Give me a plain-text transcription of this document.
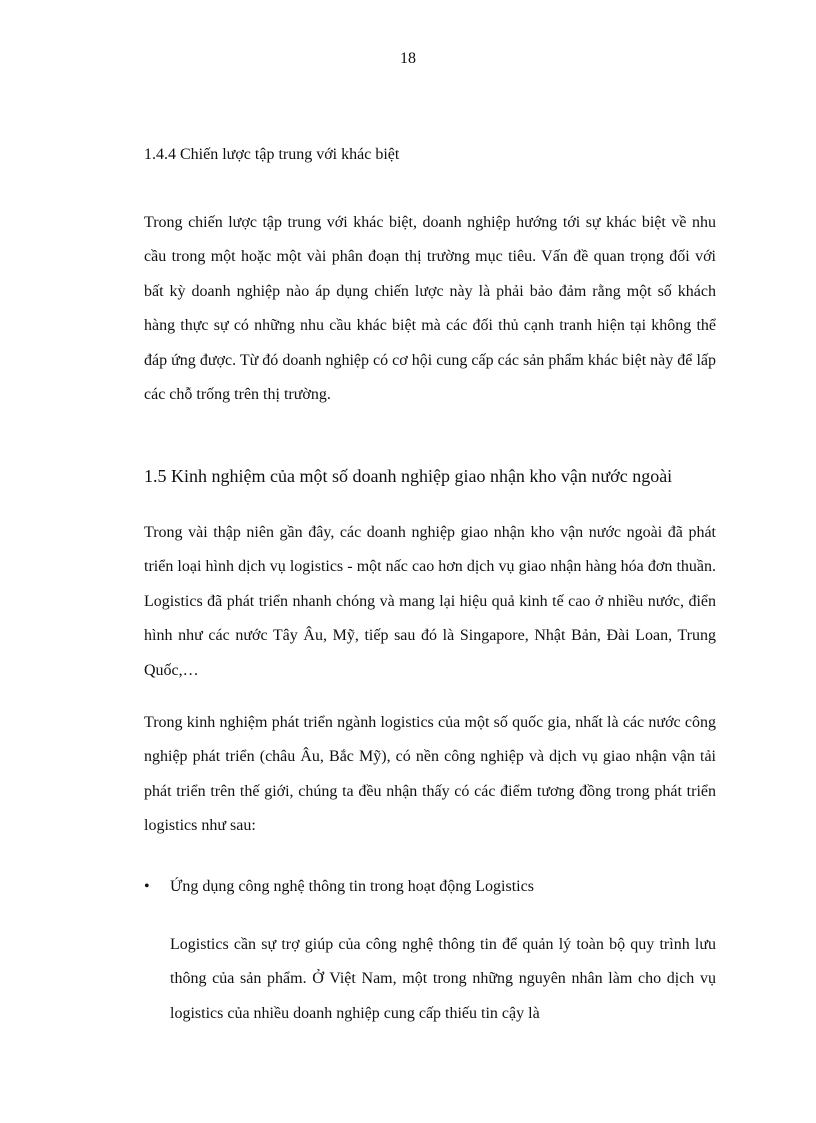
18
1.4.4 Chiến lược tập trung với khác biệt

Trong chiến lược tập trung với khác biệt, doanh nghiệp hướng tới sự khác biệt về nhu cầu trong một hoặc một vài phân đoạn thị trường mục tiêu. Vấn đề quan trọng đối với bất kỳ doanh nghiệp nào áp dụng chiến lược này là phải bảo đảm rằng một số khách hàng thực sự có những nhu cầu khác biệt mà các đối thủ cạnh tranh hiện tại không thể đáp ứng được. Từ đó doanh nghiệp có cơ hội cung cấp các sản phẩm khác biệt này để lấp các chỗ trống trên thị trường.

1.5 Kinh nghiệm của một số doanh nghiệp giao nhận kho vận nước ngoài

Trong vài thập niên gần đây, các doanh nghiệp giao nhận kho vận nước ngoài đã phát triển loại hình dịch vụ logistics - một nấc cao hơn dịch vụ giao nhận hàng hóa đơn thuần. Logistics đã phát triển nhanh chóng và mang lại hiệu quả kinh tế cao ở nhiều nước, điển hình như các nước Tây Âu, Mỹ, tiếp sau đó là Singapore, Nhật Bản, Đài Loan, Trung Quốc,…

Trong kinh nghiệm phát triển ngành logistics của một số quốc gia, nhất là các nước công nghiệp phát triển (châu Âu, Bắc Mỹ), có nền công nghiệp và dịch vụ giao nhận vận tải phát triển trên thế giới, chúng ta đều nhận thấy có các điểm tương đồng trong phát triển logistics như sau:

• Ứng dụng công nghệ thông tin trong hoạt động Logistics

Logistics cần sự trợ giúp của công nghệ thông tin để quản lý toàn bộ quy trình lưu thông của sản phẩm. Ở Việt Nam, một trong những nguyên nhân làm cho dịch vụ logistics của nhiều doanh nghiệp cung cấp thiếu tin cậy là
